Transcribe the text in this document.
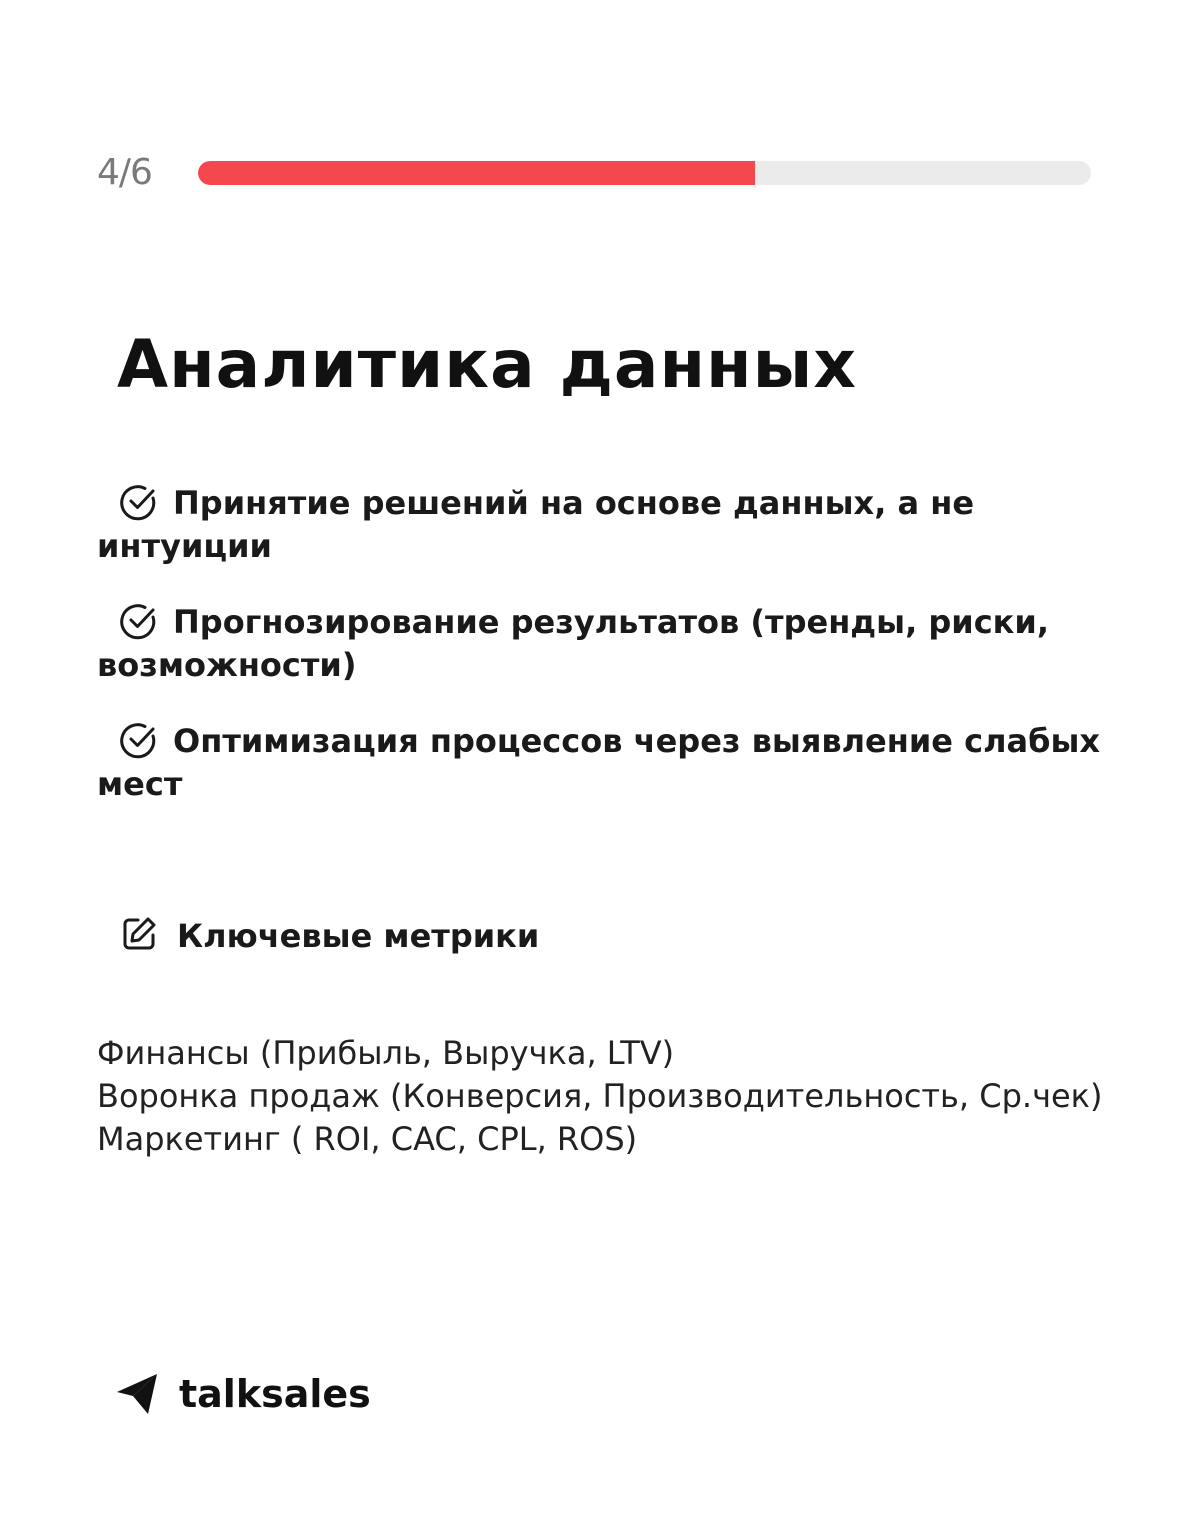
4/6
Аналитика данных
Принятие решений на основе данных, а не интуиции
Прогнозирование результатов (тренды, риски, возможности)
Оптимизация процессов через выявление слабых мест
Ключевые метрики
Финансы (Прибыль, Выручка, LTV)
Воронка продаж (Конверсия, Производительность, Ср.чек)
Маркетинг ( ROI, CAC, CPL, ROS)
talksales
